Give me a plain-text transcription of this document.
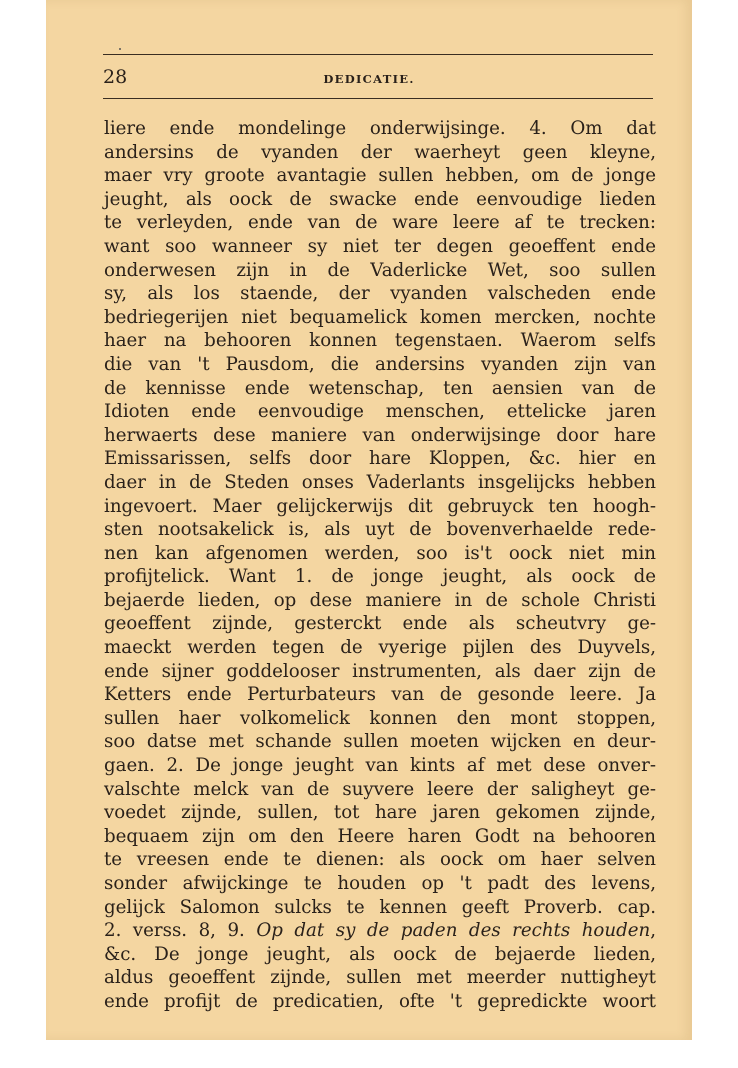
28	DEDICATIE.
liere ende mondelinge onderwijsinge. 4. Om dat
andersins de vyanden der waerheyt geen kleyne,
maer vry groote avantagie sullen hebben, om de jonge
jeught, als oock de swacke ende eenvoudige lieden
te verleyden, ende van de ware leere af te trecken:
want soo wanneer sy niet ter degen geoeffent ende
onderwesen zijn in de Vaderlicke Wet, soo sullen
sy, als los staende, der vyanden valscheden ende
bedriegerijen niet bequamelick komen mercken, nochte
haer na behooren konnen tegenstaen. Waerom selfs
die van 't Pausdom, die andersins vyanden zijn van
de kennisse ende wetenschap, ten aensien van de
Idioten ende eenvoudige menschen, ettelicke jaren
herwaerts dese maniere van onderwijsinge door hare
Emissarissen, selfs door hare Kloppen, &c. hier en
daer in de Steden onses Vaderlants insgelijcks hebben
ingevoert. Maer gelijckerwijs dit gebruyck ten hoogh-
sten nootsakelick is, als uyt de bovenverhaelde rede-
nen kan afgenomen werden, soo is't oock niet min
profijtelick. Want 1. de jonge jeught, als oock de
bejaerde lieden, op dese maniere in de schole Christi
geoeffent zijnde, gesterckt ende als scheutvry ge-
maeckt werden tegen de vyerige pijlen des Duyvels,
ende sijner goddelooser instrumenten, als daer zijn de
Ketters ende Perturbateurs van de gesonde leere. Ja
sullen haer volkomelick konnen den mont stoppen,
soo datse met schande sullen moeten wijcken en deur-
gaen. 2. De jonge jeught van kints af met dese onver-
valschte melck van de suyvere leere der saligheyt ge-
voedet zijnde, sullen, tot hare jaren gekomen zijnde,
bequaem zijn om den Heere haren Godt na behooren
te vreesen ende te dienen: als oock om haer selven
sonder afwijckinge te houden op 't padt des levens,
gelijck Salomon sulcks te kennen geeft Proverb. cap.
2. verss. 8, 9. Op dat sy de paden des rechts houden,
&c. De jonge jeught, als oock de bejaerde lieden,
aldus geoeffent zijnde, sullen met meerder nuttigheyt
ende profijt de predicatien, ofte 't gepredickte woort
